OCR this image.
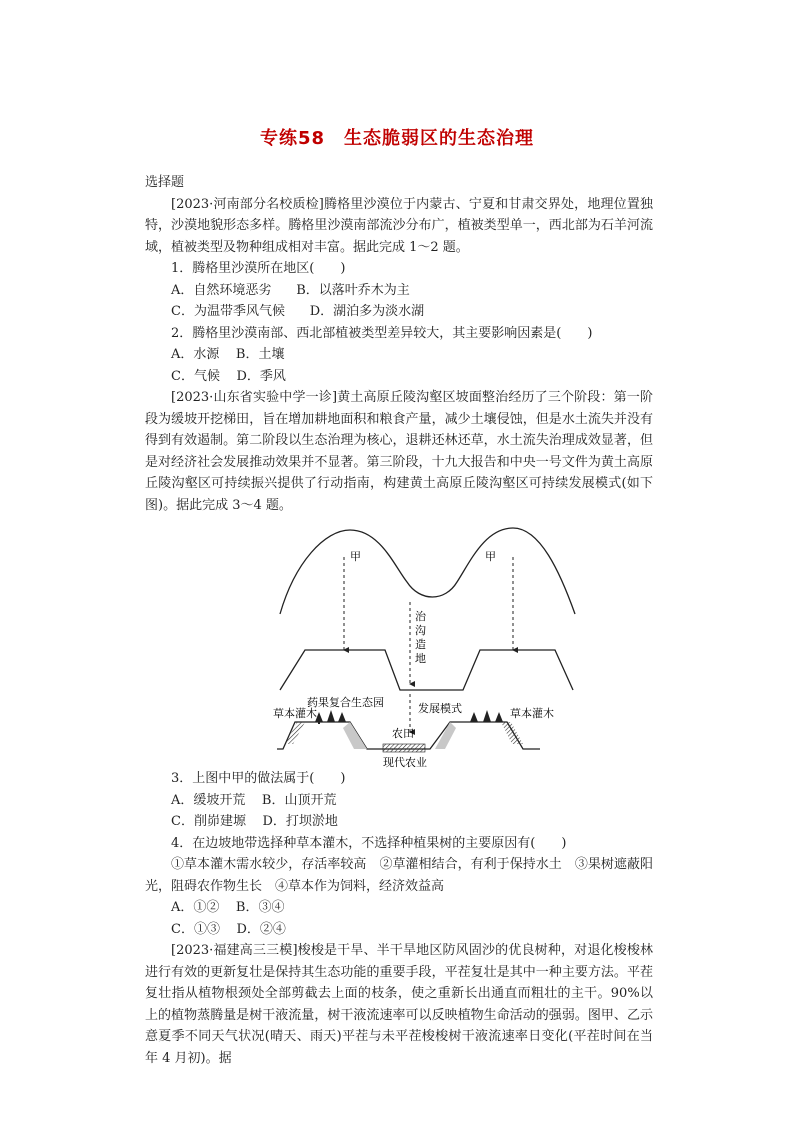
专练58　生态脆弱区的生态治理

选择题

[2023·河南部分名校质检]腾格里沙漠位于内蒙古、宁夏和甘肃交界处，地理位置独特，沙漠地貌形态多样。腾格里沙漠南部流沙分布广，植被类型单一，西北部为石羊河流域，植被类型及物种组成相对丰富。据此完成 1～2 题。

1．腾格里沙漠所在地区(　　)

A．自然环境恶劣 B．以落叶乔木为主

C．为温带季风气候 D．湖泊多为淡水湖

2．腾格里沙漠南部、西北部植被类型差异较大，其主要影响因素是(　　)

A．水源 B．土壤

C．气候 D．季风

[2023·山东省实验中学一诊]黄土高原丘陵沟壑区坡面整治经历了三个阶段：第一阶段为缓坡开挖梯田，旨在增加耕地面积和粮食产量，减少土壤侵蚀，但是水土流失并没有得到有效遏制。第二阶段以生态治理为核心，退耕还林还草，水土流失治理成效显著，但是对经济社会发展推动效果并不显著。第三阶段，十九大报告和中央一号文件为黄土高原丘陵沟壑区可持续振兴提供了行动指南，构建黄土高原丘陵沟壑区可持续发展模式(如下图)。据此完成 3～4 题。

甲	甲
治
沟
造
地
发展模式
药果复合生态园
草本灌木	草本灌木
农田
现代农业

3．上图中甲的做法属于(　　)

A．缓坡开荒 B．山顶开荒

C．削峁建塬 D．打坝淤地

4．在边坡地带选择种草本灌木，不选择种植果树的主要原因有(　　)

①草本灌木需水较少，存活率较高　②草灌相结合，有利于保持水土　③果树遮蔽阳光，阻碍农作物生长　④草本作为饲料，经济效益高

A．①② B．③④

C．①③ D．②④

[2023·福建高三三模]梭梭是干旱、半干旱地区防风固沙的优良树种，对退化梭梭林进行有效的更新复壮是保持其生态功能的重要手段，平茬复壮是其中一种主要方法。平茬复壮指从植物根颈处全部剪截去上面的枝条，使之重新长出通直而粗壮的主干。90%以上的植物蒸腾量是树干液流量，树干液流速率可以反映植物生命活动的强弱。图甲、乙示意夏季不同天气状况(晴天、雨天)平茬与未平茬梭梭树干液流速率日变化(平茬时间在当年 4 月初)。据
